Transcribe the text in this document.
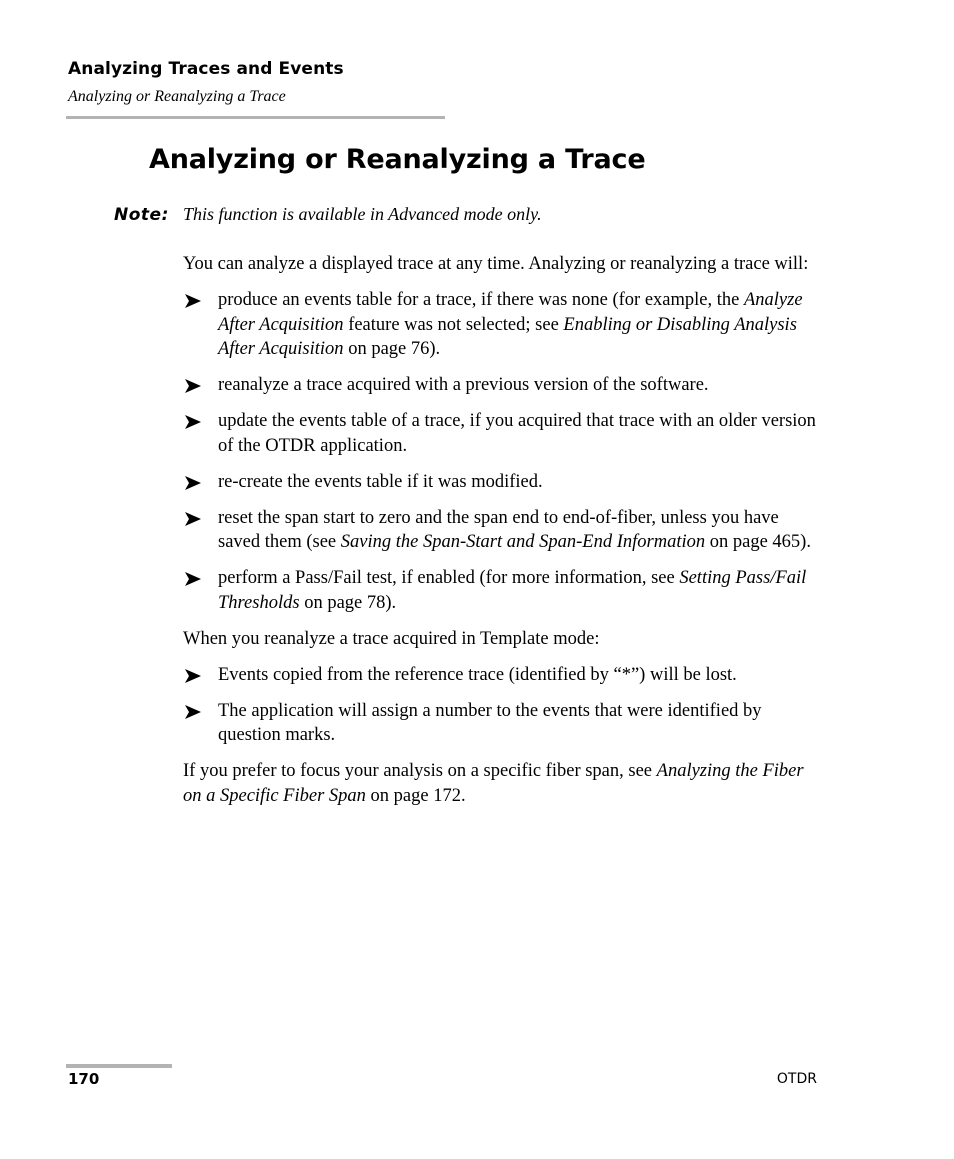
Analyzing Traces and Events
Analyzing or Reanalyzing a Trace
Analyzing or Reanalyzing a Trace
Note: This function is available in Advanced mode only.

You can analyze a displayed trace at any time. Analyzing or reanalyzing a trace will:

produce an events table for a trace, if there was none (for example, the Analyze After Acquisition feature was not selected; see Enabling or Disabling Analysis After Acquisition on page 76).
reanalyze a trace acquired with a previous version of the software.
update the events table of a trace, if you acquired that trace with an older version of the OTDR application.
re-create the events table if it was modified.
reset the span start to zero and the span end to end-of-fiber, unless you have saved them (see Saving the Span-Start and Span-End Information on page 465).
perform a Pass/Fail test, if enabled (for more information, see Setting Pass/Fail Thresholds on page 78).

When you reanalyze a trace acquired in Template mode:

Events copied from the reference trace (identified by “*”) will be lost.
The application will assign a number to the events that were identified by question marks.

If you prefer to focus your analysis on a specific fiber span, see Analyzing the Fiber on a Specific Fiber Span on page 172.

170	OTDR
